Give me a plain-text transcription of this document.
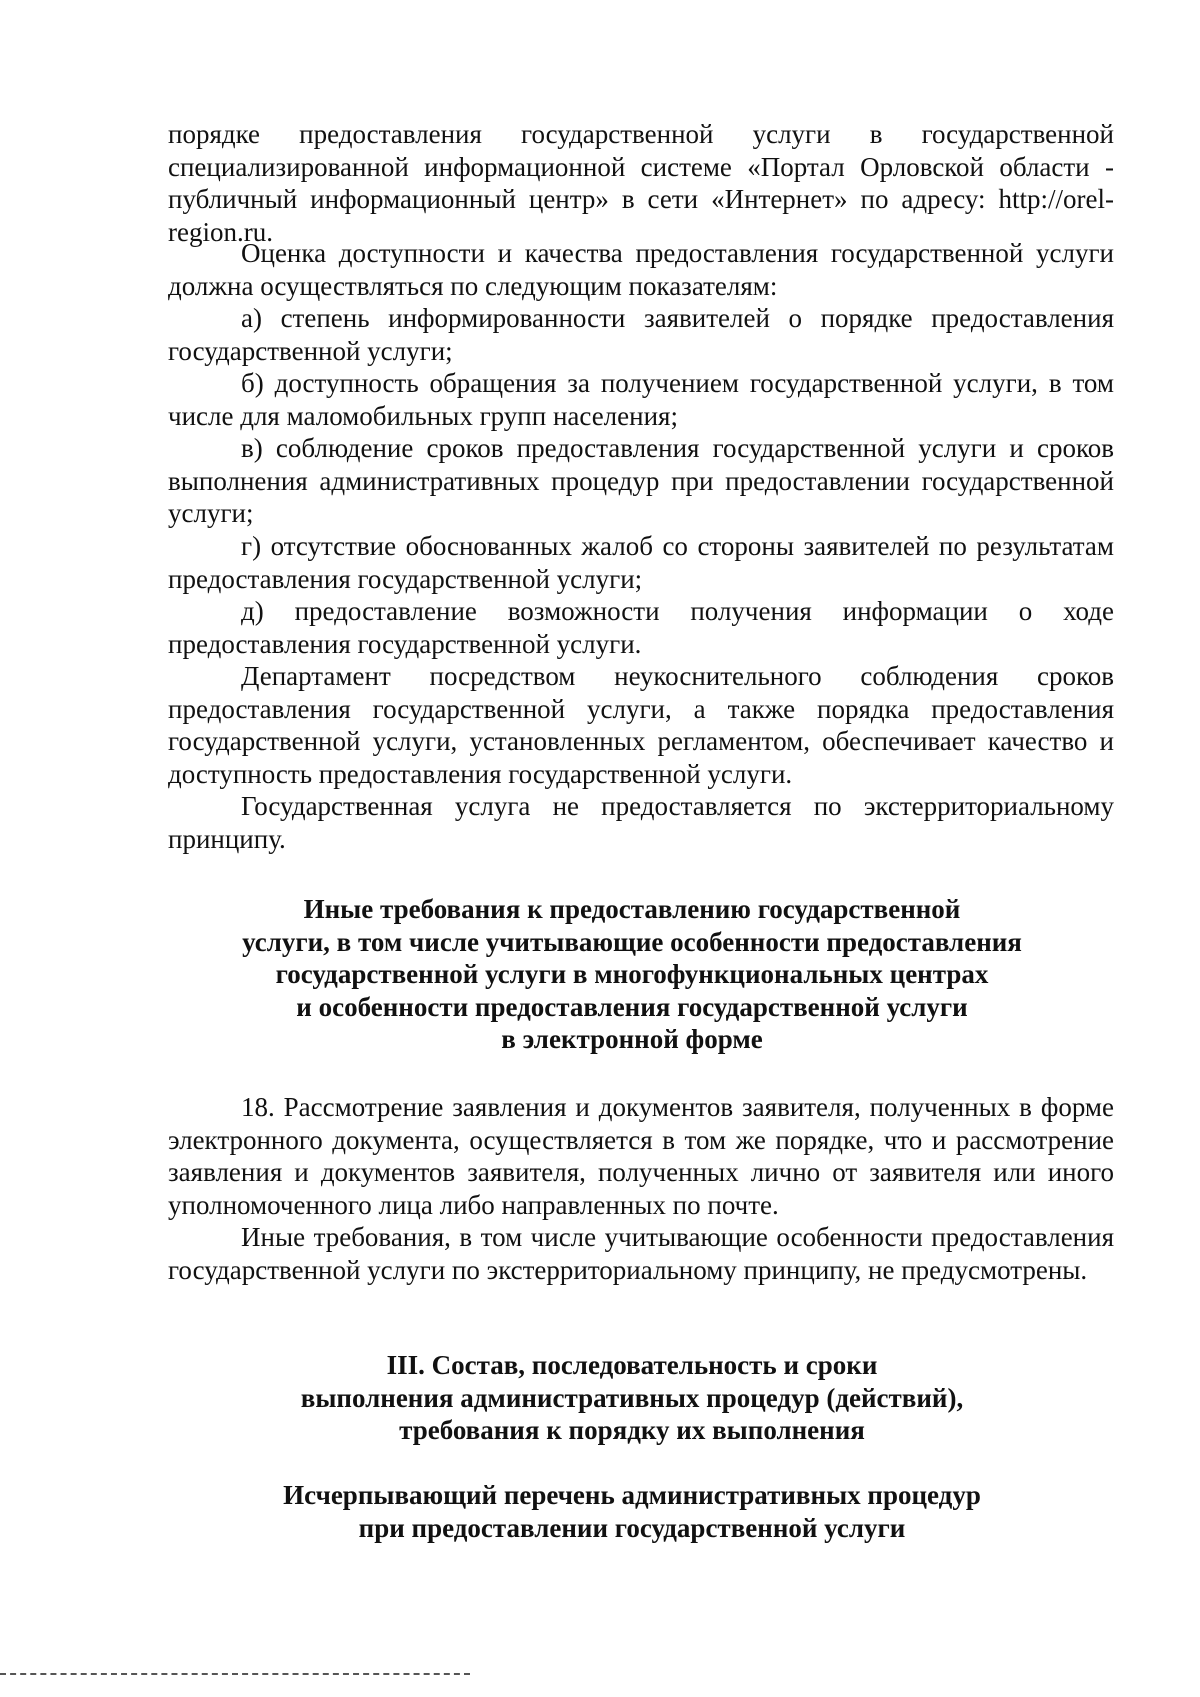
порядке предоставления государственной услуги в государственной специализированной информационной системе «Портал Орловской области - публичный информационный центр» в сети «Интернет» по адресу: http://orel-region.ru.

Оценка доступности и качества предоставления государственной услуги должна осуществляться по следующим показателям:

а) степень информированности заявителей о порядке предоставления государственной услуги;

б) доступность обращения за получением государственной услуги, в том числе для маломобильных групп населения;

в) соблюдение сроков предоставления государственной услуги и сроков выполнения административных процедур при предоставлении государственной услуги;

г) отсутствие обоснованных жалоб со стороны заявителей по результатам предоставления государственной услуги;

д) предоставление возможности получения информации о ходе предоставления государственной услуги.

Департамент посредством неукоснительного соблюдения сроков предоставления государственной услуги, а также порядка предоставления государственной услуги, установленных регламентом, обеспечивает качество и доступность предоставления государственной услуги.

Государственная услуга не предоставляется по экстерриториальному принципу.

Иные требования к предоставлению государственной
услуги, в том числе учитывающие особенности предоставления
государственной услуги в многофункциональных центрах
и особенности предоставления государственной услуги
в электронной форме

18. Рассмотрение заявления и документов заявителя, полученных в форме электронного документа, осуществляется в том же порядке, что и рассмотрение заявления и документов заявителя, полученных лично от заявителя или иного уполномоченного лица либо направленных по почте.

Иные требования, в том числе учитывающие особенности предоставления государственной услуги по экстерриториальному принципу, не предусмотрены.

III. Состав, последовательность и сроки
выполнения административных процедур (действий),
требования к порядку их выполнения
Исчерпывающий перечень административных процедур
при предоставлении государственной услуги
